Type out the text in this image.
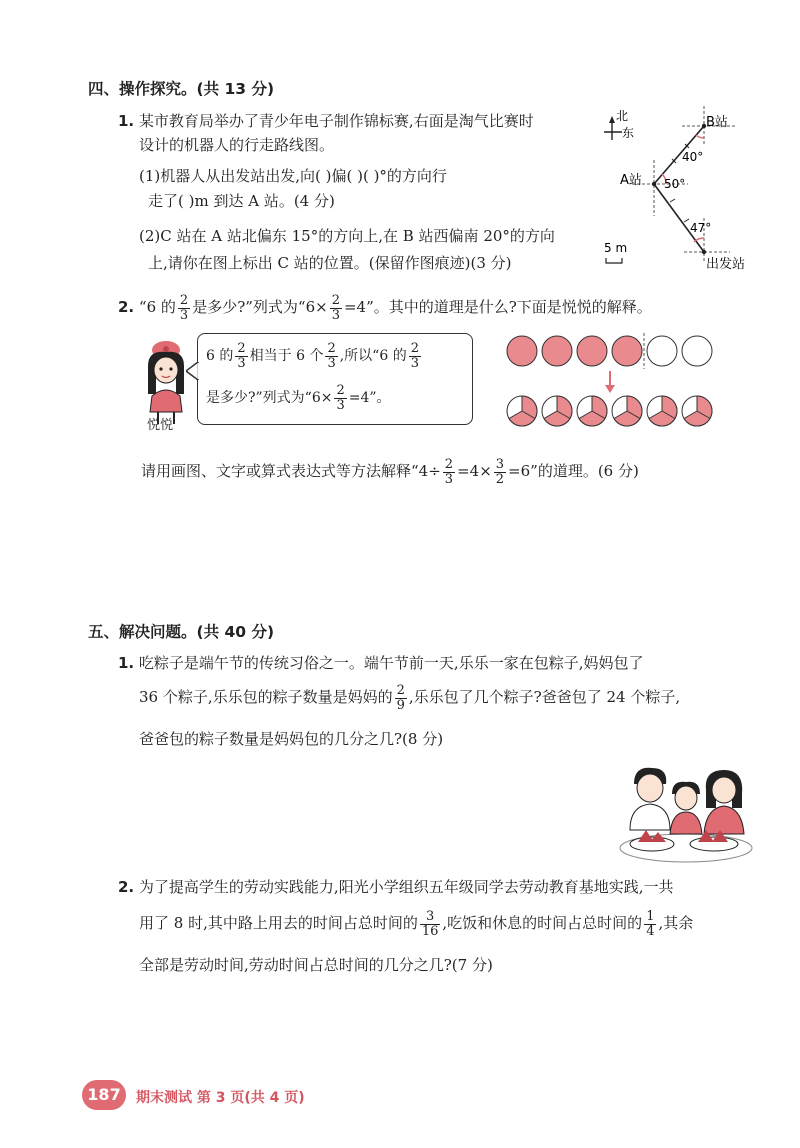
四、操作探究。(共 13 分)
1. 某市教育局举办了青少年电子制作锦标赛,右面是淘气比赛时
设计的机器人的行走路线图。
(1)机器人从出发站出发,向( )偏( )( )°的方向行
走了( )m 到达 A 站。(4 分)
(2)C 站在 A 站北偏东 15°的方向上,在 B 站西偏南 20°的方向
上,请你在图上标出 C 站的位置。(保留作图痕迹)(3 分)
北
东
B站
A站
出发站
40°
50°
47°
5 m
2. “6 的 $\frac{2}{3}$ 是多少?”列式为“$6\times \frac{2}{3} =4$”。其中的道理是什么?下面是悦悦的解释。
悦悦
6 的 $\frac{2}{3}$ 相当于 6 个 $\frac{2}{3}$ ,所以“6 的 $\frac{2}{3}$
是多少?”列式为“$6\times \frac{2}{3} =4$”。
请用画图、文字或算式表达式等方法解释“$4\div \frac{2}{3} =4\times \frac{3}{2} =6$”的道理。(6 分)
五、解决问题。(共 40 分)
1. 吃粽子是端午节的传统习俗之一。端午节前一天,乐乐一家在包粽子,妈妈包了
36 个粽子,乐乐包的粽子数量是妈妈的 $\frac{2}{9}$ ,乐乐包了几个粽子?爸爸包了 24 个粽子,
爸爸包的粽子数量是妈妈包的几分之几?(8 分)
2. 为了提高学生的劳动实践能力,阳光小学组织五年级同学去劳动教育基地实践,一共
用了 8 时,其中路上用去的时间占总时间的 $\frac{3}{16}$ ,吃饭和休息的时间占总时间的 $\frac{1}{4}$ ,其余
全部是劳动时间,劳动时间占总时间的几分之几?(7 分)
187	期末测试 第 3 页(共 4 页)
